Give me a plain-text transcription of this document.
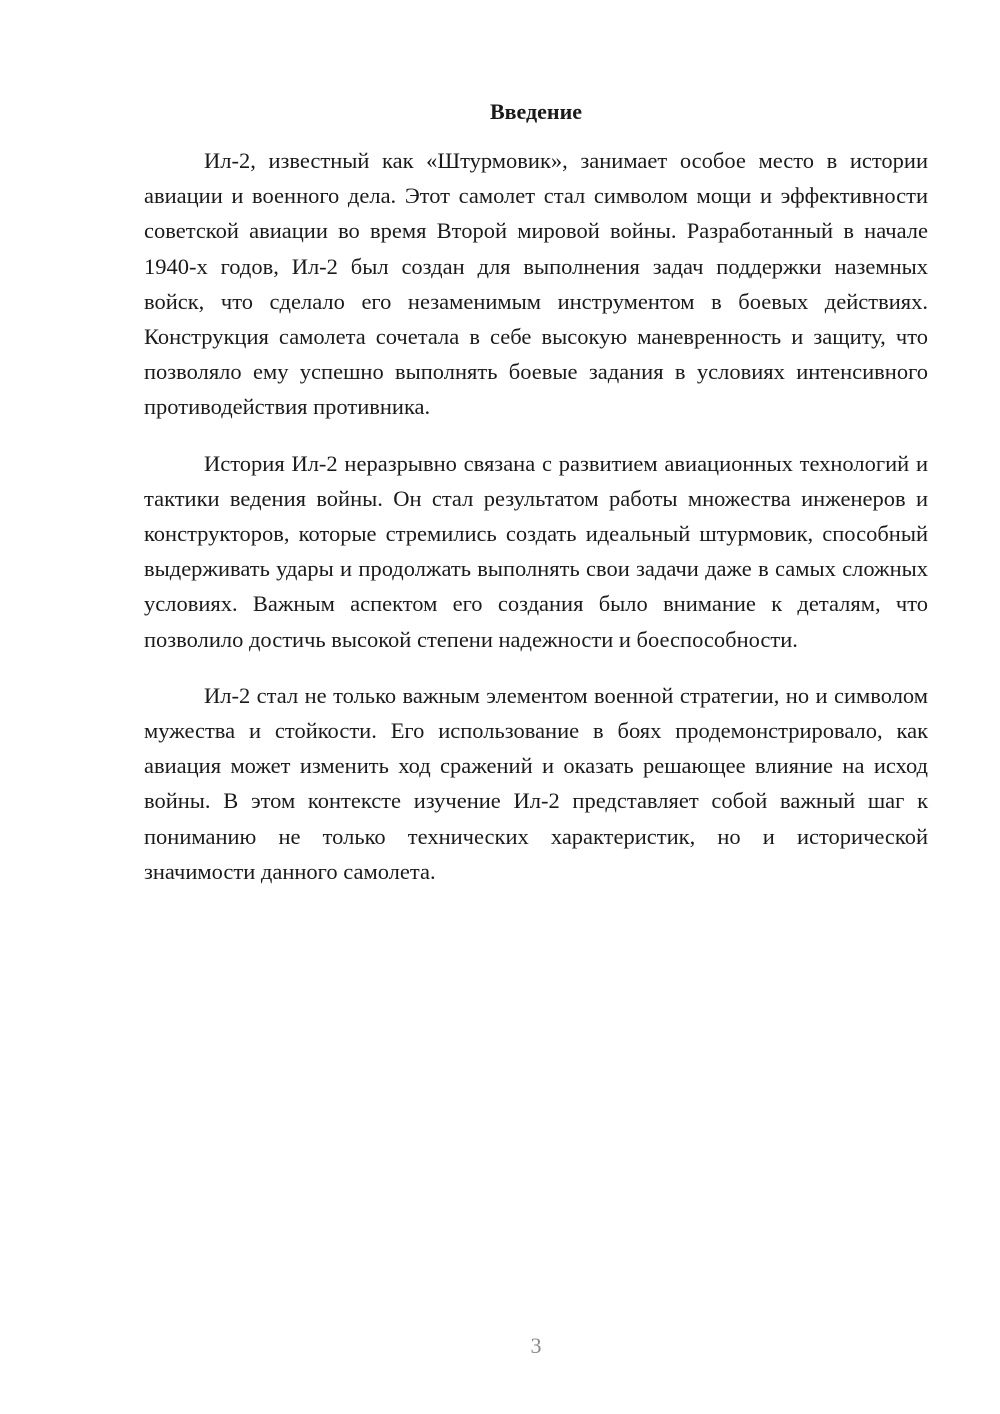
Введение

Ил-2, известный как «Штурмовик», занимает особое место в истории авиации и военного дела. Этот самолет стал символом мощи и эффективности советской авиации во время Второй мировой войны. Разработанный в начале 1940-х годов, Ил-2 был создан для выполнения задач поддержки наземных войск, что сделало его незаменимым инструментом в боевых действиях. Конструкция самолета сочетала в себе высокую маневренность и защиту, что позволяло ему успешно выполнять боевые задания в условиях интенсивного противодействия противника.

История Ил-2 неразрывно связана с развитием авиационных технологий и тактики ведения войны. Он стал результатом работы множества инженеров и конструкторов, которые стремились создать идеальный штурмовик, способный выдерживать удары и продолжать выполнять свои задачи даже в самых сложных условиях. Важным аспектом его создания было внимание к деталям, что позволило достичь высокой степени надежности и боеспособности.

Ил-2 стал не только важным элементом военной стратегии, но и символом мужества и стойкости. Его использование в боях продемонстрировало, как авиация может изменить ход сражений и оказать решающее влияние на исход войны. В этом контексте изучение Ил-2 представляет собой важный шаг к пониманию не только технических характеристик, но и исторической значимости данного самолета.

3
